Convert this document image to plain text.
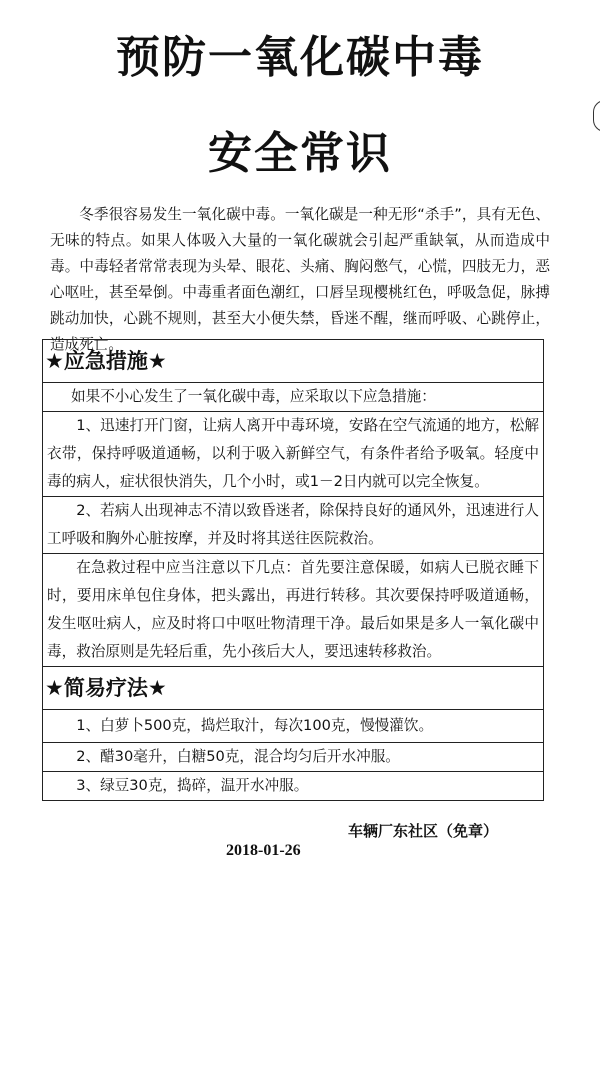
预防一氧化碳中毒
安全常识

冬季很容易发生一氧化碳中毒。一氧化碳是一种无形“杀手”，具有无色、无味的特点。如果人体吸入大量的一氧化碳就会引起严重缺氧，从而造成中毒。中毒轻者常常表现为头晕、眼花、头痛、胸闷憋气，心慌，四肢无力，恶心呕吐，甚至晕倒。中毒重者面色潮红，口唇呈现樱桃红色，呼吸急促，脉搏跳动加快，心跳不规则，甚至大小便失禁，昏迷不醒，继而呼吸、心跳停止，造成死亡。

★应急措施★
如果不小心发生了一氧化碳中毒，应采取以下应急措施：
1、迅速打开门窗，让病人离开中毒环境，安路在空气流通的地方，松解衣带，保持呼吸道通畅，以利于吸入新鲜空气，有条件者给予吸氧。轻度中毒的病人，症状很快消失，几个小时，或1－2日内就可以完全恢复。
2、若病人出现神志不清以致昏迷者，除保持良好的通风外，迅速进行人工呼吸和胸外心脏按摩，并及时将其送往医院救治。
在急救过程中应当注意以下几点：首先要注意保暖，如病人已脱衣睡下时，要用床单包住身体，把头露出，再进行转移。其次要保持呼吸道通畅，发生呕吐病人，应及时将口中呕吐物清理干净。最后如果是多人一氧化碳中毒，救治原则是先轻后重，先小孩后大人，要迅速转移救治。
★简易疗法★
1、白萝卜500克，捣烂取汁，每次100克，慢慢灌饮。
2、醋30毫升，白糖50克，混合均匀后开水冲服。
3、绿豆30克，捣碎，温开水冲服。
车辆厂东社区（免章）
2018-01-26
